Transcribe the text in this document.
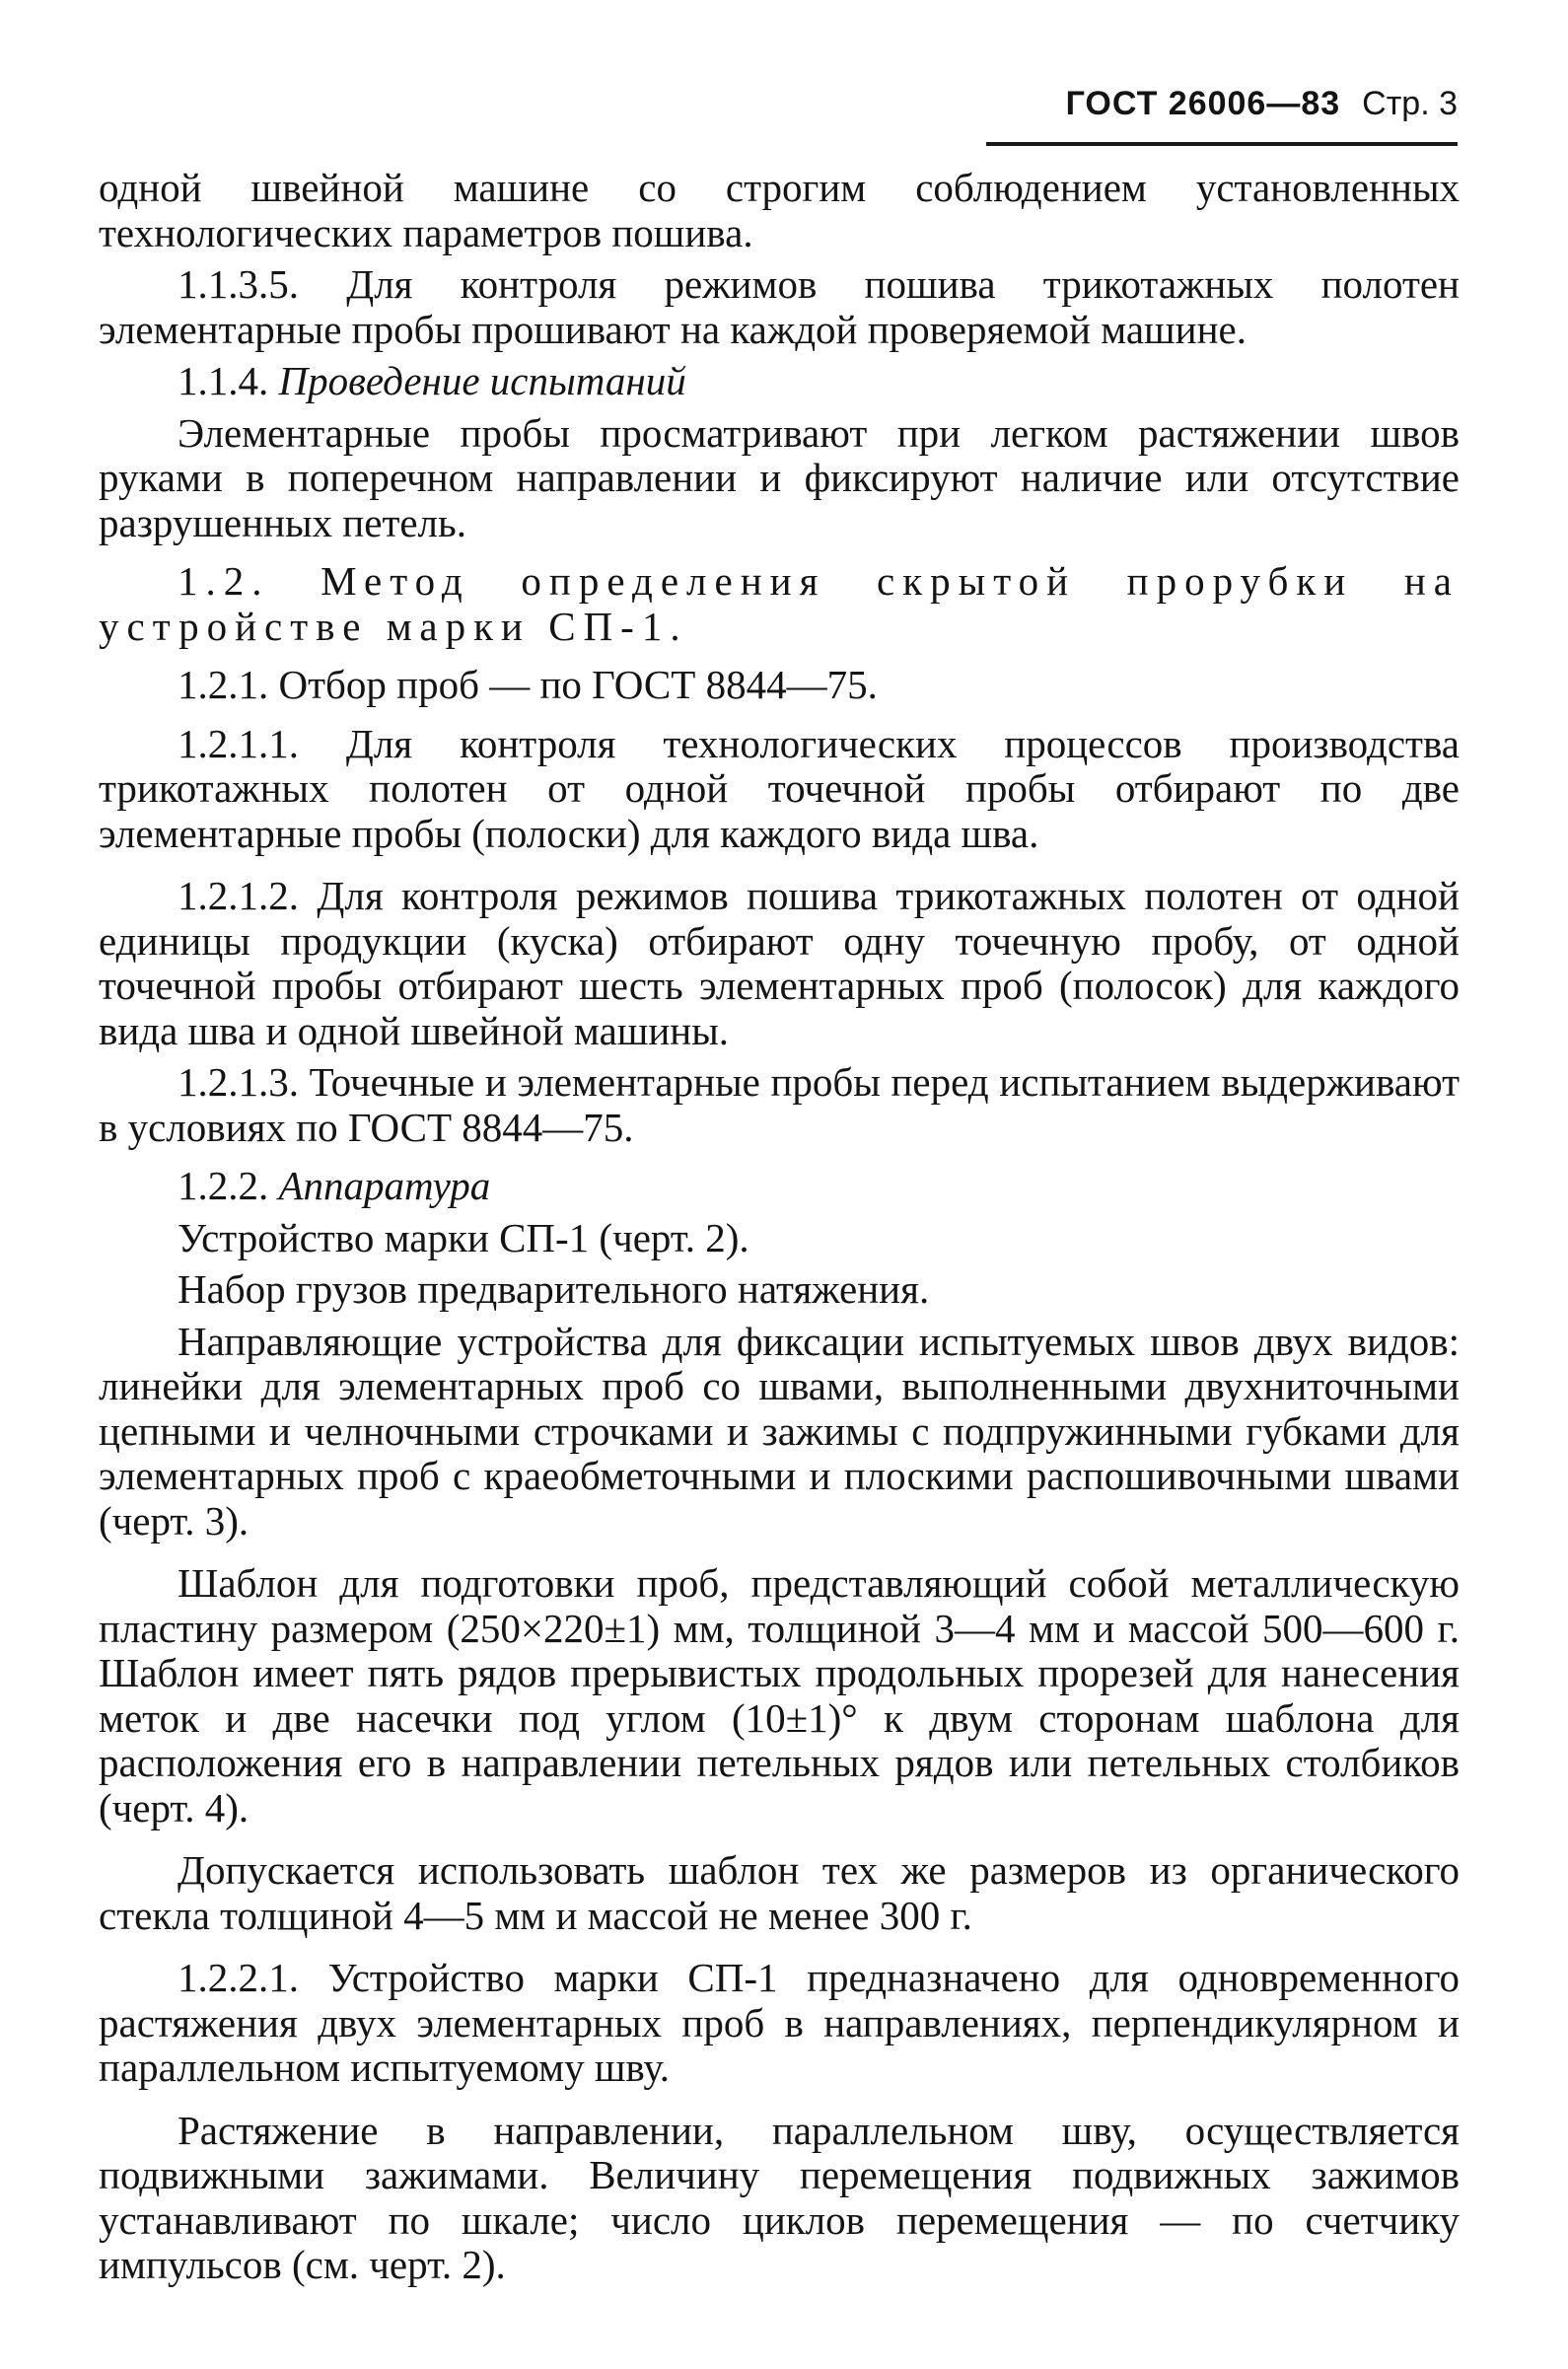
ГОСТ 26006—83 Стр. 3

одной швейной машине со строгим соблюдением установленных технологических параметров пошива.

1.1.3.5. Для контроля режимов пошива трикотажных полотен элементарные пробы прошивают на каждой проверяемой машине.

1.1.4. Проведение испытаний

Элементарные пробы просматривают при легком растяжении швов руками в поперечном направлении и фиксируют наличие или отсутствие разрушенных петель.

1.2. Метод определения скрытой прорубки на устройстве марки СП-1.

1.2.1. Отбор проб — по ГОСТ 8844—75.

1.2.1.1. Для контроля технологических процессов производства трикотажных полотен от одной точечной пробы отбирают по две элементарные пробы (полоски) для каждого вида шва.

1.2.1.2. Для контроля режимов пошива трикотажных полотен от одной единицы продукции (куска) отбирают одну точечную пробу, от одной точечной пробы отбирают шесть элементарных проб (полосок) для каждого вида шва и одной швейной машины.

1.2.1.3. Точечные и элементарные пробы перед испытанием выдерживают в условиях по ГОСТ 8844—75.

1.2.2. Аппаратура

Устройство марки СП-1 (черт. 2).

Набор грузов предварительного натяжения.

Направляющие устройства для фиксации испытуемых швов двух видов: линейки для элементарных проб со швами, выполненными двухниточными цепными и челночными строчками и зажимы с подпружинными губками для элементарных проб с краеобметочными и плоскими распошивочными швами (черт. 3).

Шаблон для подготовки проб, представляющий собой металлическую пластину размером (250×220±1) мм, толщиной 3—4 мм и массой 500—600 г. Шаблон имеет пять рядов прерывистых продольных прорезей для нанесения меток и две насечки под углом (10±1)° к двум сторонам шаблона для расположения его в направлении петельных рядов или петельных столбиков (черт. 4).

Допускается использовать шаблон тех же размеров из органического стекла толщиной 4—5 мм и массой не менее 300 г.

1.2.2.1. Устройство марки СП-1 предназначено для одновременного растяжения двух элементарных проб в направлениях, перпендикулярном и параллельном испытуемому шву.

Растяжение в направлении, параллельном шву, осуществляется подвижными зажимами. Величину перемещения подвижных зажимов устанавливают по шкале; число циклов перемещения — по счетчику импульсов (см. черт. 2).
